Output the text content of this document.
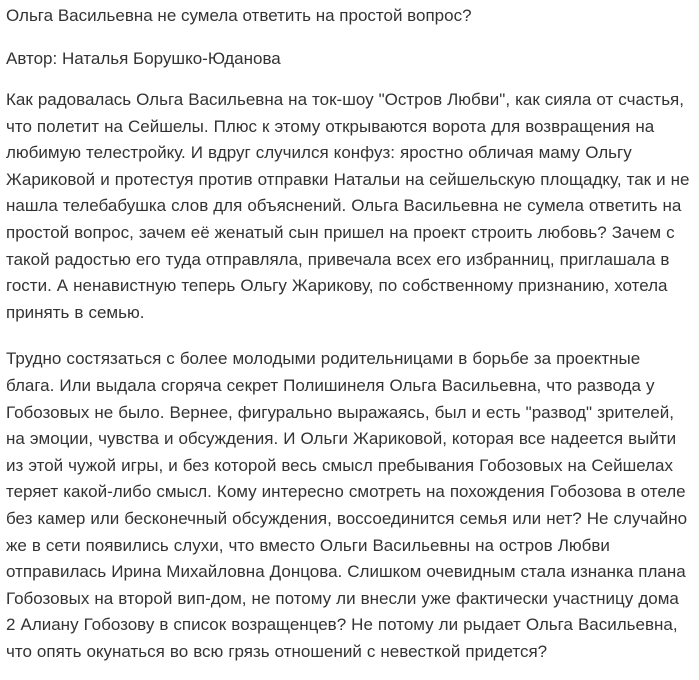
Ольга Васильевна не сумела ответить на простой вопрос?

Автор: Наталья Борушко-Юданова

Как радовалась Ольга Васильевна на ток-шоу "Остров Любви", как сияла от счастья, что полетит на Сейшелы. Плюс к этому открываются ворота для возвращения на любимую телестройку. И вдруг случился конфуз: яростно обличая маму Ольгу Жариковой и протестуя против отправки Натальи на сейшельскую площадку, так и не нашла телебабушка слов для объяснений. Ольга Васильевна не сумела ответить на простой вопрос, зачем её женатый сын пришел на проект строить любовь? Зачем с такой радостью его туда отправляла, привечала всех его избранниц, приглашала в гости. А ненавистную теперь Ольгу Жарикову, по собственному признанию, хотела принять в семью.

Трудно состязаться с более молодыми родительницами в борьбе за проектные блага. Или выдала сгоряча секрет Полишинеля Ольга Васильевна, что развода у Гобозовых не было. Вернее, фигурально выражаясь, был и есть "развод" зрителей, на эмоции, чувства и обсуждения. И Ольги Жариковой, которая все надеется выйти из этой чужой игры, и без которой весь смысл пребывания Гобозовых на Сейшелах теряет какой-либо смысл. Кому интересно смотреть на похождения Гобозова в отеле без камер или бесконечный обсуждения, воссоединится семья или нет? Не случайно же в сети появились слухи, что вместо Ольги Васильевны на остров Любви отправилась Ирина Михайловна Донцова. Слишком очевидным стала изнанка плана Гобозовых на второй вип-дом, не потому ли внесли уже фактически участницу дома 2 Алиану Гобозову в список возращенцев? Не потому ли рыдает Ольга Васильевна, что опять окунаться во всю грязь отношений с невесткой придется?
